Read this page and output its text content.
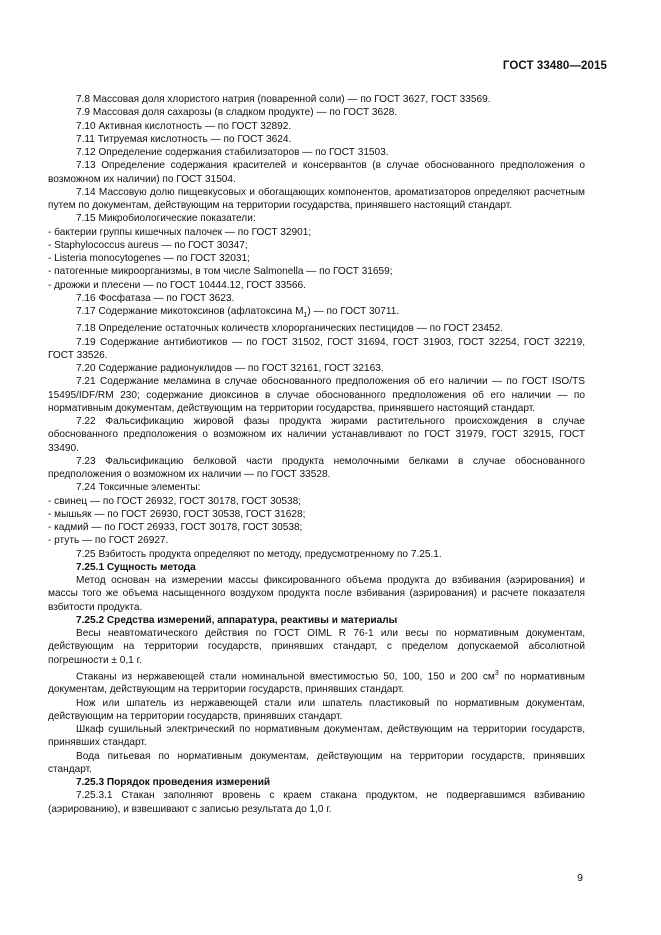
ГОСТ 33480—2015

7.8 Массовая доля хлористого натрия (поваренной соли) — по ГОСТ 3627, ГОСТ 33569.

7.9 Массовая доля сахарозы (в сладком продукте) — по ГОСТ 3628.

7.10 Активная кислотность — по ГОСТ 32892.

7.11 Титруемая кислотность — по ГОСТ 3624.

7.12 Определение содержания стабилизаторов — по ГОСТ 31503.

7.13 Определение содержания красителей и консервантов (в случае обоснованного предположения о возможном их наличии) по ГОСТ 31504.

7.14 Массовую долю пищевкусовых и обогащающих компонентов, ароматизаторов определяют расчетным путем по документам, действующим на территории государства, принявшего настоящий стандарт.

7.15 Микробиологические показатели:

- бактерии группы кишечных палочек — по ГОСТ 32901;

- Staphylococcus aureus — по ГОСТ 30347;

- Listeria monocytogenes — по ГОСТ 32031;

- патогенные микроорганизмы, в том числе Salmonella — по ГОСТ 31659;

- дрожжи и плесени — по ГОСТ 10444.12, ГОСТ 33566.

7.16 Фосфатаза — по ГОСТ 3623.

7.17 Содержание микотоксинов (афлатоксина $M_1$) — по ГОСТ 30711.

7.18 Определение остаточных количеств хлорорганических пестицидов — по ГОСТ 23452.

7.19 Содержание антибиотиков — по ГОСТ 31502, ГОСТ 31694, ГОСТ 31903, ГОСТ 32254, ГОСТ 32219, ГОСТ 33526.

7.20 Содержание радионуклидов — по ГОСТ 32161, ГОСТ 32163.

7.21 Содержание меламина в случае обоснованного предположения об его наличии — по ГОСТ ISO/TS 15495/IDF/RM 230; содержание диоксинов в случае обоснованного предположения об его наличии — по нормативным документам, действующим на территории государства, принявшего настоящий стандарт.

7.22 Фальсификацию жировой фазы продукта жирами растительного происхождения в случае обоснованного предположения о возможном их наличии устанавливают по ГОСТ 31979, ГОСТ 32915, ГОСТ 33490.

7.23 Фальсификацию белковой части продукта немолочными белками в случае обоснованного предположения о возможном их наличии — по ГОСТ 33528.

7.24 Токсичные элементы:

- свинец — по ГОСТ 26932, ГОСТ 30178, ГОСТ 30538;

- мышьяк — по ГОСТ 26930, ГОСТ 30538, ГОСТ 31628;

- кадмий — по ГОСТ 26933, ГОСТ 30178, ГОСТ 30538;

- ртуть — по ГОСТ 26927.

7.25 Взбитость продукта определяют по методу, предусмотренному по 7.25.1.

7.25.1 Сущность метода

Метод основан на измерении массы фиксированного объема продукта до взбивания (аэрирования) и массы того же объема насыщенного воздухом продукта после взбивания (аэрирования) и расчете показателя взбитости продукта.

7.25.2 Средства измерений, аппаратура, реактивы и материалы

Весы неавтоматического действия по ГОСТ OIML R 76-1 или весы по нормативным документам, действующим на территории государств, принявших стандарт, с пределом допускаемой абсолютной погрешности ± 0,1 г.

Стаканы из нержавеющей стали номинальной вместимостью 50, 100, 150 и 200 $см^3$ по нормативным документам, действующим на территории государств, принявших стандарт.

Нож или шпатель из нержавеющей стали или шпатель пластиковый по нормативным документам, действующим на территории государств, принявших стандарт.

Шкаф сушильный электрический по нормативным документам, действующим на территории государств, принявших стандарт.

Вода питьевая по нормативным документам, действующим на территории государств, принявших стандарт.

7.25.3 Порядок проведения измерений

7.25.3.1 Стакан заполняют вровень с краем стакана продуктом, не подвергавшимся взбиванию (аэрированию), и взвешивают с записью результата до 1,0 г.

9
